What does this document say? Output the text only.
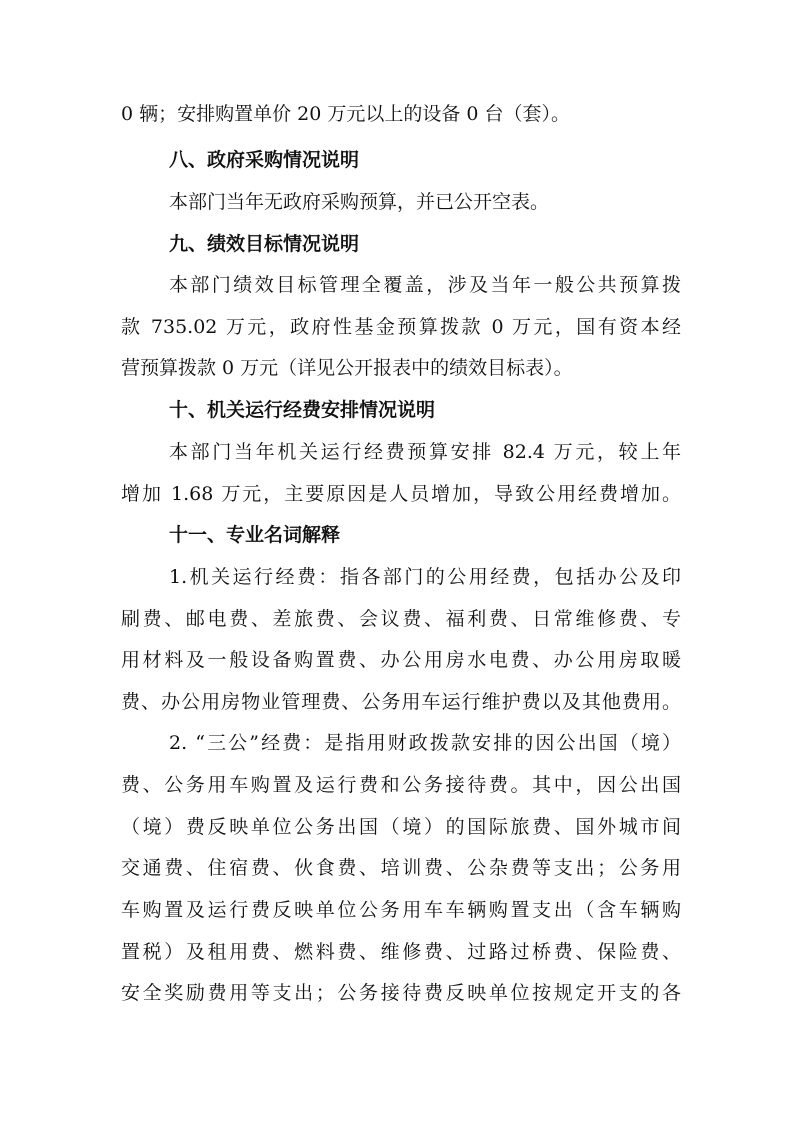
0 辆；安排购置单价 20 万元以上的设备 0 台（套）。

八、政府采购情况说明

本部门当年无政府采购预算，并已公开空表。

九、绩效目标情况说明

本部门绩效目标管理全覆盖，涉及当年一般公共预算拨

款 735.02 万元，政府性基金预算拨款 0 万元，国有资本经

营预算拨款 0 万元（详见公开报表中的绩效目标表）。

十、机关运行经费安排情况说明

本部门当年机关运行经费预算安排 82.4 万元，较上年

增加 1.68 万元，主要原因是人员增加，导致公用经费增加。

十一、专业名词解释

1.机关运行经费：指各部门的公用经费，包括办公及印

刷费、邮电费、差旅费、会议费、福利费、日常维修费、专

用材料及一般设备购置费、办公用房水电费、办公用房取暖

费、办公用房物业管理费、公务用车运行维护费以及其他费用。

2. “三公”经费：是指用财政拨款安排的因公出国（境）

费、公务用车购置及运行费和公务接待费。其中，因公出国

（境）费反映单位公务出国（境）的国际旅费、国外城市间

交通费、住宿费、伙食费、培训费、公杂费等支出；公务用

车购置及运行费反映单位公务用车车辆购置支出（含车辆购

置税）及租用费、燃料费、维修费、过路过桥费、保险费、

安全奖励费用等支出；公务接待费反映单位按规定开支的各
